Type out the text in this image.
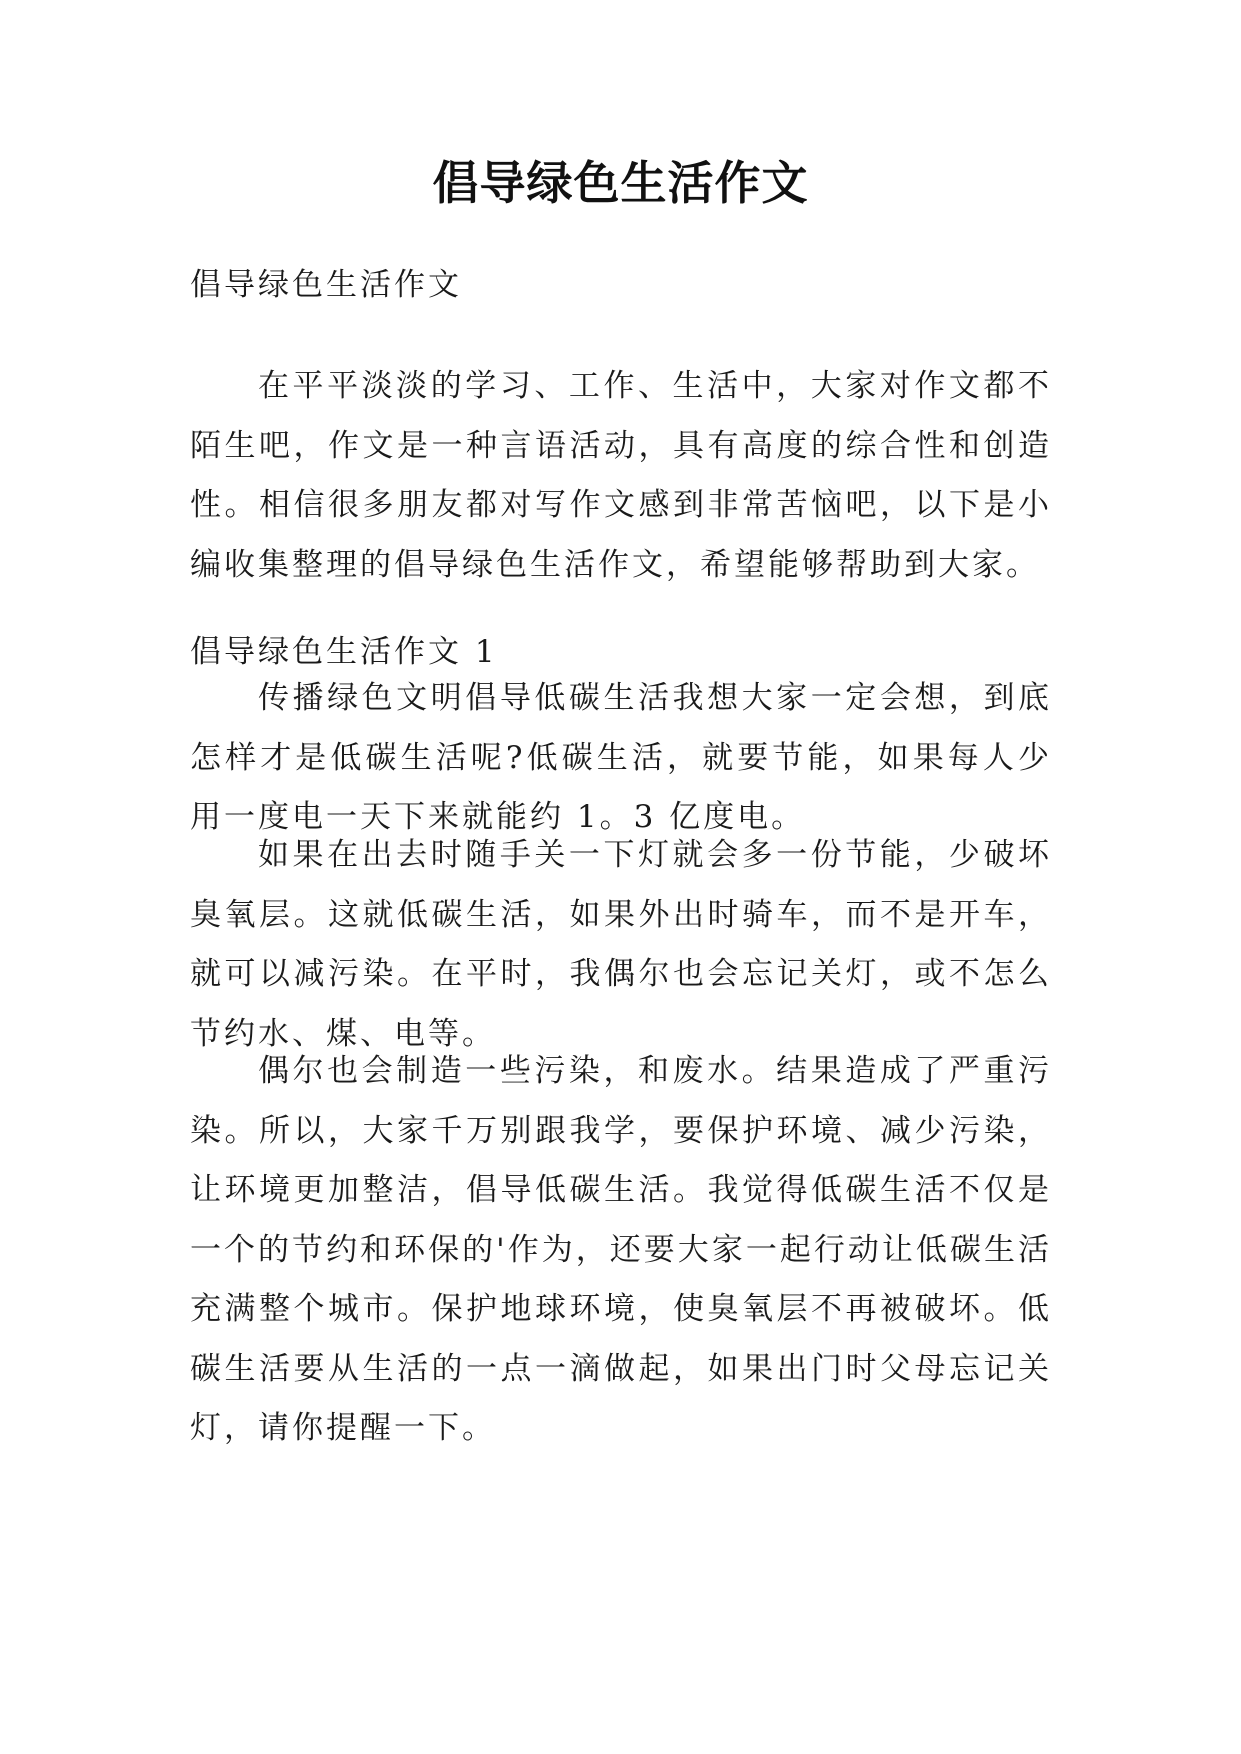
倡导绿色生活作文

倡导绿色生活作文

在平平淡淡的学习、工作、生活中，大家对作文都不陌生吧，作文是一种言语活动，具有高度的综合性和创造性。相信很多朋友都对写作文感到非常苦恼吧，以下是小编收集整理的倡导绿色生活作文，希望能够帮助到大家。

倡导绿色生活作文 1

传播绿色文明倡导低碳生活我想大家一定会想，到底怎样才是低碳生活呢?低碳生活，就要节能，如果每人少用一度电一天下来就能约 1。3 亿度电。

如果在出去时随手关一下灯就会多一份节能，少破坏臭氧层。这就低碳生活，如果外出时骑车，而不是开车，就可以减污染。在平时，我偶尔也会忘记关灯，或不怎么节约水、煤、电等。

偶尔也会制造一些污染，和废水。结果造成了严重污染。所以，大家千万别跟我学，要保护环境、减少污染，让环境更加整洁，倡导低碳生活。我觉得低碳生活不仅是一个的节约和环保的'作为，还要大家一起行动让低碳生活充满整个城市。保护地球环境，使臭氧层不再被破坏。低碳生活要从生活的一点一滴做起，如果出门时父母忘记关灯，请你提醒一下。
